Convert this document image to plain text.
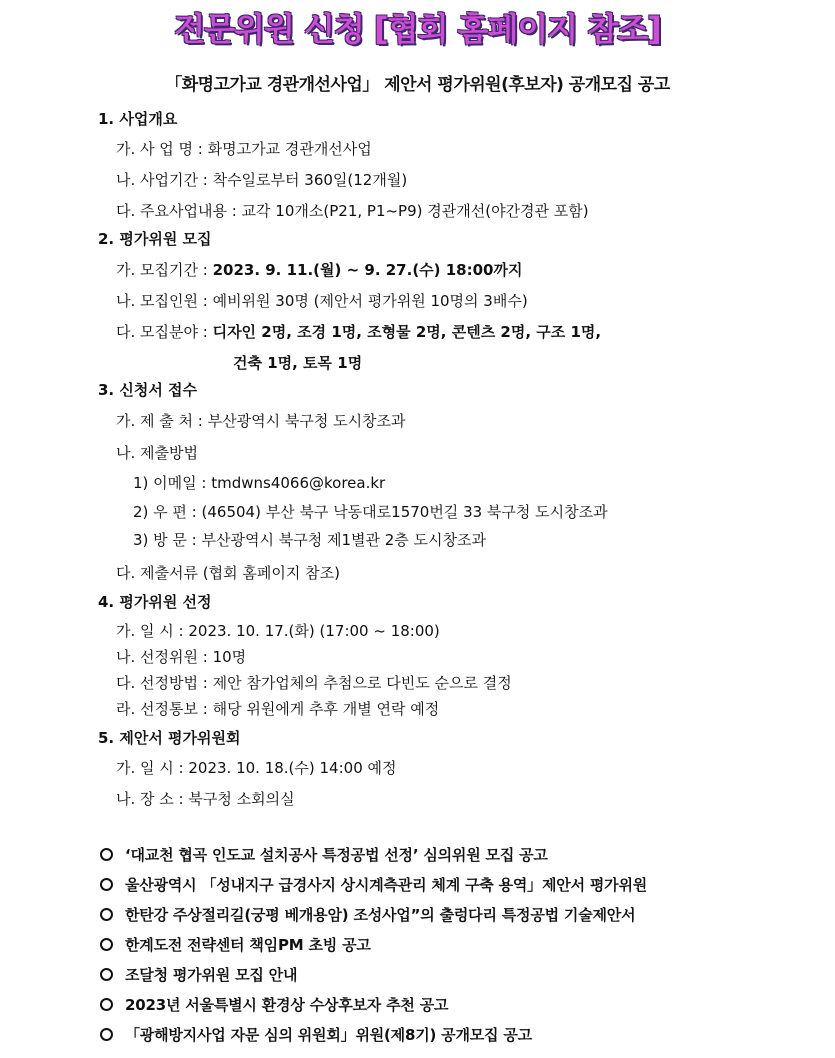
전문위원 신청 [협회 홈페이지 참조]
「화명고가교 경관개선사업」 제안서 평가위원(후보자) 공개모집 공고
1. 사업개요
가. 사 업 명 : 화명고가교 경관개선사업
나. 사업기간 : 착수일로부터 360일(12개월)
다. 주요사업내용 : 교각 10개소(P21, P1~P9) 경관개선(야간경관 포함)
2. 평가위원 모집
가. 모집기간 : 2023. 9. 11.(월) ~ 9. 27.(수) 18:00까지
나. 모집인원 : 예비위원 30명 (제안서 평가위원 10명의 3배수)
다. 모집분야 : 디자인 2명, 조경 1명, 조형물 2명, 콘텐츠 2명, 구조 1명,
건축 1명, 토목 1명
3. 신청서 접수
가. 제 출 처 : 부산광역시 북구청 도시창조과
나. 제출방법
1) 이메일 : tmdwns4066@korea.kr
2) 우 편 : (46504) 부산 북구 낙동대로1570번길 33 북구청 도시창조과
3) 방 문 : 부산광역시 북구청 제1별관 2층 도시창조과
다. 제출서류 (협회 홈페이지 참조)
4. 평가위원 선정
가. 일 시 : 2023. 10. 17.(화) (17:00 ~ 18:00)
나. 선정위원 : 10명
다. 선정방법 : 제안 참가업체의 추첨으로 다빈도 순으로 결정
라. 선정통보 : 해당 위원에게 추후 개별 연락 예정
5. 제안서 평가위원회
가. 일 시 : 2023. 10. 18.(수) 14:00 예정
나. 장 소 : 북구청 소회의실
‘대교천 협곡 인도교 설치공사 특정공법 선정’ 심의위원 모집 공고
울산광역시 「성내지구 급경사지 상시계측관리 체계 구축 용역」제안서 평가위원
한탄강 주상절리길(궁평 베개용암) 조성사업”의 출렁다리 특정공법 기술제안서
한계도전 전략센터 책임PM 초빙 공고
조달청 평가위원 모집 안내
2023년 서울특별시 환경상 수상후보자 추천 공고
「광해방지사업 자문 심의 위원회」위원(제8기) 공개모집 공고
